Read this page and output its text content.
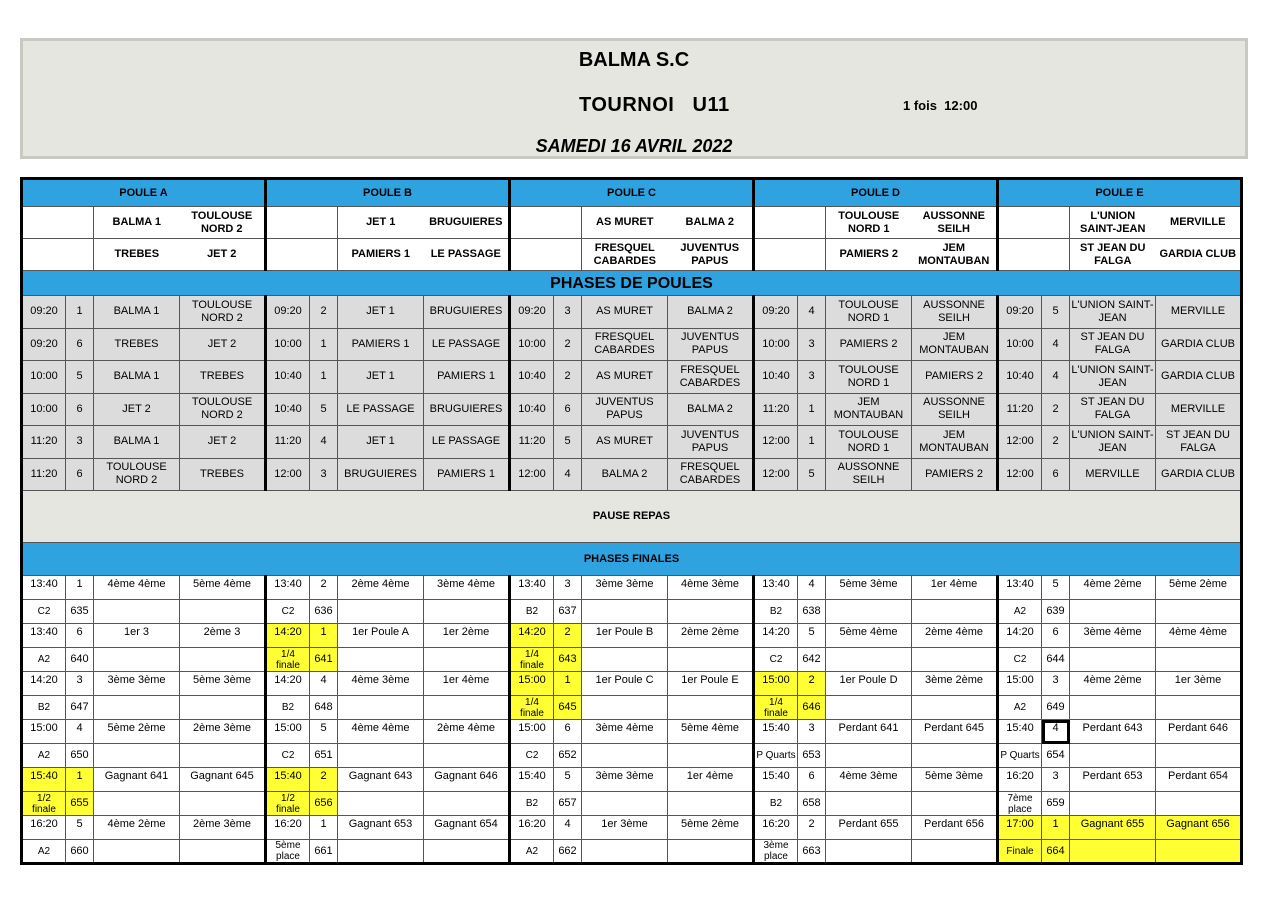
BALMA S.C
TOURNOI   U11	1 fois  12:00
SAMEDI 16 AVRIL 2022
POULE A				POULE B				POULE C				POULE D				POULE E			
		BALMA 1	TOULOUSE NORD 2			JET 1	BRUGUIERES			AS MURET	BALMA 2			TOULOUSE NORD 1	AUSSONNE SEILH			L'UNION SAINT-JEAN	MERVILLE
		TREBES	JET 2			PAMIERS 1	LE PASSAGE			FRESQUEL CABARDES	JUVENTUS PAPUS			PAMIERS 2	JEM MONTAUBAN			ST JEAN DU FALGA	GARDIA CLUB
PHASES DE POULES																			
09:20	1	BALMA 1	TOULOUSE NORD 2	09:20	2	JET 1	BRUGUIERES	09:20	3	AS MURET	BALMA 2	09:20	4	TOULOUSE NORD 1	AUSSONNE SEILH	09:20	5	L'UNION SAINT-JEAN	MERVILLE
09:20	6	TREBES	JET 2	10:00	1	PAMIERS 1	LE PASSAGE	10:00	2	FRESQUEL CABARDES	JUVENTUS PAPUS	10:00	3	PAMIERS 2	JEM MONTAUBAN	10:00	4	ST JEAN DU FALGA	GARDIA CLUB
10:00	5	BALMA 1	TREBES	10:40	1	JET 1	PAMIERS 1	10:40	2	AS MURET	FRESQUEL CABARDES	10:40	3	TOULOUSE NORD 1	PAMIERS 2	10:40	4	L'UNION SAINT-JEAN	GARDIA CLUB
10:00	6	JET 2	TOULOUSE NORD 2	10:40	5	LE PASSAGE	BRUGUIERES	10:40	6	JUVENTUS PAPUS	BALMA 2	11:20	1	JEM MONTAUBAN	AUSSONNE SEILH	11:20	2	ST JEAN DU FALGA	MERVILLE
11:20	3	BALMA 1	JET 2	11:20	4	JET 1	LE PASSAGE	11:20	5	AS MURET	JUVENTUS PAPUS	12:00	1	TOULOUSE NORD 1	JEM MONTAUBAN	12:00	2	L'UNION SAINT-JEAN	ST JEAN DU FALGA
11:20	6	TOULOUSE NORD 2	TREBES	12:00	3	BRUGUIERES	PAMIERS 1	12:00	4	BALMA 2	FRESQUEL CABARDES	12:00	5	AUSSONNE SEILH	PAMIERS 2	12:00	6	MERVILLE	GARDIA CLUB
PAUSE REPAS																			
PHASES FINALES																			
13:40	1	4ème 4ème	5ème 4ème	13:40	2	2ème 4ème	3ème 4ème	13:40	3	3ème 3ème	4ème 3ème	13:40	4	5ème 3ème	1er 4ème	13:40	5	4ème 2ème	5ème 2ème
C2	635			C2	636			B2	637			B2	638			A2	639		
13:40	6	1er 3	2ème 3	14:20	1	1er Poule A	1er 2ème	14:20	2	1er Poule B	2ème 2ème	14:20	5	5ème 4ème	2ème 4ème	14:20	6	3ème 4ème	4ème 4ème
A2	640			1/4 finale	641			1/4 finale	643			C2	642			C2	644		
14:20	3	3ème 3ème	5ème 3ème	14:20	4	4ème 3ème	1er 4ème	15:00	1	1er Poule C	1er Poule E	15:00	2	1er Poule D	3ème 2ème	15:00	3	4ème 2ème	1er 3ème
B2	647			B2	648			1/4 finale	645			1/4 finale	646			A2	649		
15:00	4	5ème 2ème	2ème 3ème	15:00	5	4ème 4ème	2ème 4ème	15:00	6	3ème 4ème	5ème 4ème	15:40	3	Perdant 641	Perdant 645	15:40	4	Perdant 643	Perdant 646
A2	650			C2	651			C2	652			P Quarts	653			P Quarts	654		
15:40	1	Gagnant 641	Gagnant 645	15:40	2	Gagnant 643	Gagnant 646	15:40	5	3ème 3ème	1er 4ème	15:40	6	4ème 3ème	5ème 3ème	16:20	3	Perdant 653	Perdant 654
1/2 finale	655			1/2 finale	656			B2	657			B2	658			7ème place	659		
16:20	5	4ème 2ème	2ème 3ème	16:20	1	Gagnant 653	Gagnant 654	16:20	4	1er 3ème	5ème 2ème	16:20	2	Perdant 655	Perdant 656	17:00	1	Gagnant 655	Gagnant 656
A2	660			5ème place	661			A2	662			3ème place	663			Finale	664		
